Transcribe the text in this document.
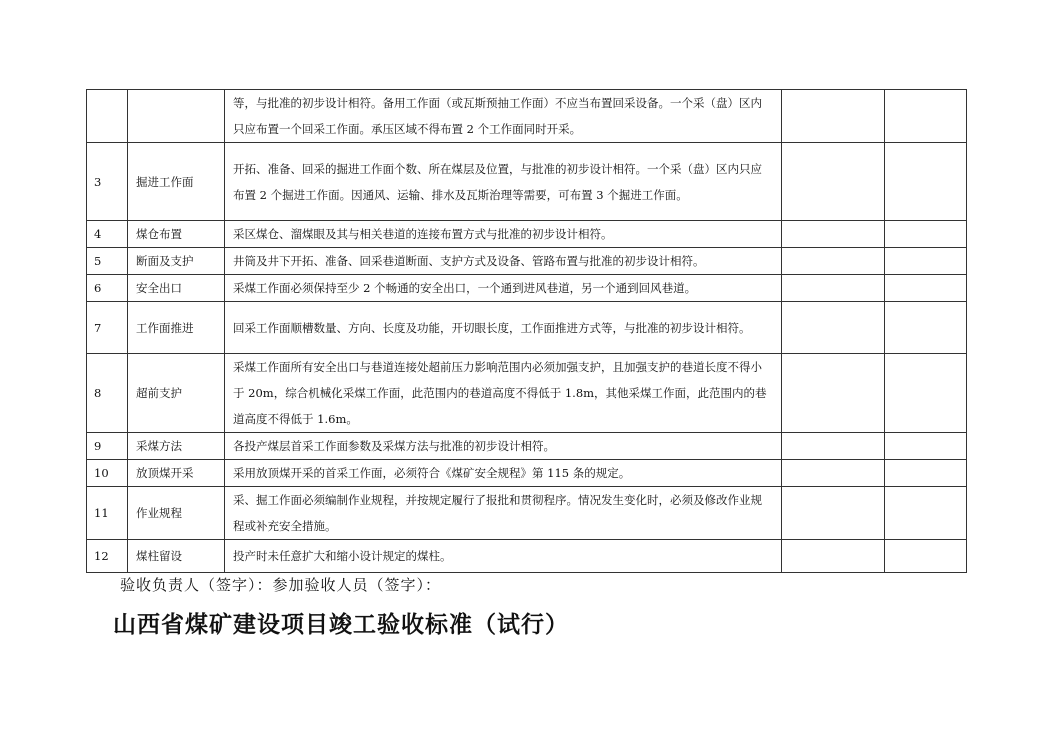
		等，与批准的初步设计相符。备用工作面（或瓦斯预抽工作面）不应当布置回采设备。一个采（盘）区内只应布置一个回采工作面。承压区域不得布置 2 个工作面同时开采。		
3	掘进工作面	开拓、准备、回采的掘进工作面个数、所在煤层及位置，与批准的初步设计相符。一个采（盘）区内只应布置 2 个掘进工作面。因通风、运输、排水及瓦斯治理等需要，可布置 3 个掘进工作面。		
4	煤仓布置	采区煤仓、溜煤眼及其与相关巷道的连接布置方式与批准的初步设计相符。		
5	断面及支护	井筒及井下开拓、准备、回采巷道断面、支护方式及设备、管路布置与批准的初步设计相符。		
6	安全出口	采煤工作面必须保持至少 2 个畅通的安全出口，一个通到进风巷道，另一个通到回风巷道。		
7	工作面推进	回采工作面顺槽数量、方向、长度及功能，开切眼长度，工作面推进方式等，与批准的初步设计相符。		
8	超前支护	采煤工作面所有安全出口与巷道连接处超前压力影响范围内必须加强支护，且加强支护的巷道长度不得小于 20m，综合机械化采煤工作面，此范围内的巷道高度不得低于 1.8m，其他采煤工作面，此范围内的巷道高度不得低于 1.6m。		
9	采煤方法	各投产煤层首采工作面参数及采煤方法与批准的初步设计相符。		
10	放顶煤开采	采用放顶煤开采的首采工作面，必须符合《煤矿安全规程》第 115 条的规定。		
11	作业规程	采、掘工作面必须编制作业规程，并按规定履行了报批和贯彻程序。情况发生变化时，必须及修改作业规程或补充安全措施。		
12	煤柱留设	投产时未任意扩大和缩小设计规定的煤柱。		
验收负责人（签字）：参加验收人员（签字）：
山西省煤矿建设项目竣工验收标准（试行）
